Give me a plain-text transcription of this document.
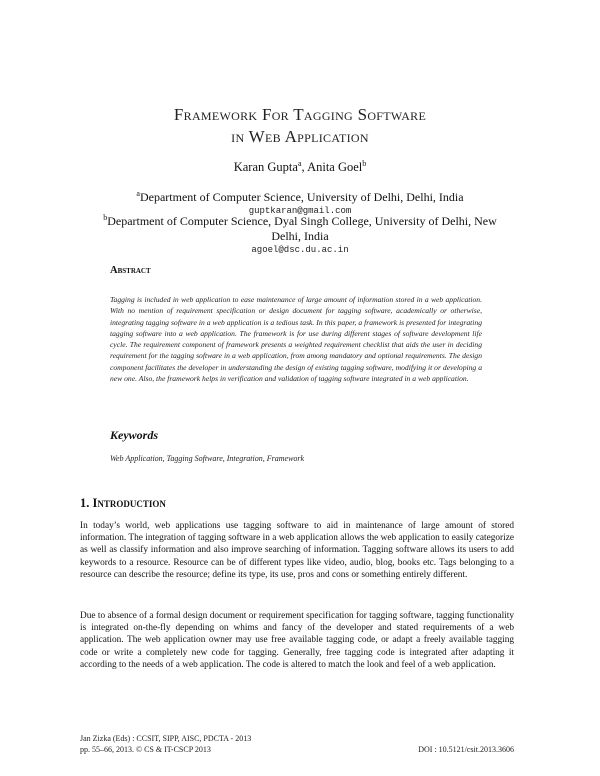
Framework For Tagging Software
in Web Application
Karan Gupta$^a$, Anita Goel$^b$
$^a$Department of Computer Science, University of Delhi, Delhi, India
guptkaran@gmail.com
$^b$Department of Computer Science, Dyal Singh College, University of Delhi, New Delhi, India
agoel@dsc.du.ac.in
Abstract
Tagging is included in web application to ease maintenance of large amount of information stored in a web application. With no mention of requirement specification or design document for tagging software, academically or otherwise, integrating tagging software in a web application is a tedious task. In this paper, a framework is presented for integrating tagging software into a web application. The framework is for use during different stages of software development life cycle. The requirement component of framework presents a weighted requirement checklist that aids the user in deciding requirement for the tagging software in a web application, from among mandatory and optional requirements. The design component facilitates the developer in understanding the design of existing tagging software, modifying it or developing a new one. Also, the framework helps in verification and validation of tagging software integrated in a web application.
Keywords
Web Application, Tagging Software, Integration, Framework
1. Introduction
In today’s world, web applications use tagging software to aid in maintenance of large amount of stored information. The integration of tagging software in a web application allows the web application to easily categorize as well as classify information and also improve searching of information. Tagging software allows its users to add keywords to a resource. Resource can be of different types like video, audio, blog, books etc. Tags belonging to a resource can describe the resource; define its type, its use, pros and cons or something entirely different.
Due to absence of a formal design document or requirement specification for tagging software, tagging functionality is integrated on-the-fly depending on whims and fancy of the developer and stated requirements of a web application. The web application owner may use free available tagging code, or adapt a freely available tagging code or write a completely new code for tagging. Generally, free tagging code is integrated after adapting it according to the needs of a web application. The code is altered to match the look and feel of a web application.
Jan Zizka (Eds) : CCSIT, SIPP, AISC, PDCTA - 2013
pp. 55–66, 2013. © CS & IT-CSCP 2013	DOI : 10.5121/csit.2013.3606
